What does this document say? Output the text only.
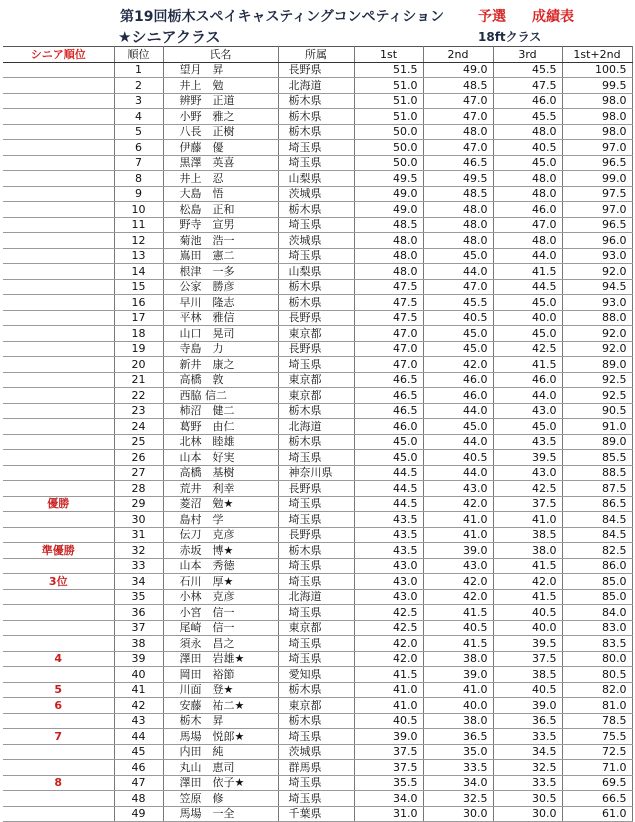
第19回栃木スペイキャスティングコンペティション 予選 成績表
★シニアクラス	18ftクラス
シニア順位	順位	氏名	所属	1st	2nd	3rd	1st+2nd
	1	望月　昇	長野県	51.5	49.0	45.5	100.5
	2	井上　勉	北海道	51.0	48.5	47.5	99.5
	3	辨野　正道	栃木県	51.0	47.0	46.0	98.0
	4	小野　雅之	栃木県	51.0	47.0	45.5	98.0
	5	八長　正樹	栃木県	50.0	48.0	48.0	98.0
	6	伊藤　優	埼玉県	50.0	47.0	40.5	97.0
	7	黒澤　英喜	埼玉県	50.0	46.5	45.0	96.5
	8	井上　忍	山梨県	49.5	49.5	48.0	99.0
	9	大島　悟	茨城県	49.0	48.5	48.0	97.5
	10	松島　正和	栃木県	49.0	48.0	46.0	97.0
	11	野寺　宣男	埼玉県	48.5	48.0	47.0	96.5
	12	菊池　浩一	茨城県	48.0	48.0	48.0	96.0
	13	嶌田　憲二	埼玉県	48.0	45.0	44.0	93.0
	14	根津　一多	山梨県	48.0	44.0	41.5	92.0
	15	公家　勝彦	栃木県	47.5	47.0	44.5	94.5
	16	早川　隆志	栃木県	47.5	45.5	45.0	93.0
	17	平林　雅信	長野県	47.5	40.5	40.0	88.0
	18	山口　晃司	東京都	47.0	45.0	45.0	92.0
	19	寺島　力	長野県	47.0	45.0	42.5	92.0
	20	新井　康之	埼玉県	47.0	42.0	41.5	89.0
	21	高橋　敦	東京都	46.5	46.0	46.0	92.5
	22	西脇 信二	東京都	46.5	46.0	44.0	92.5
	23	柿沼　健二	栃木県	46.5	44.0	43.0	90.5
	24	葛野　由仁	北海道	46.0	45.0	45.0	91.0
	25	北林　睦雄	栃木県	45.0	44.0	43.5	89.0
	26	山本　好実	埼玉県	45.0	40.5	39.5	85.5
	27	高橋　基樹	神奈川県	44.5	44.0	43.0	88.5
	28	荒井　利幸	長野県	44.5	43.0	42.5	87.5
優勝	29	菱沼　勉★	埼玉県	44.5	42.0	37.5	86.5
	30	島村　学	埼玉県	43.5	41.0	41.0	84.5
	31	伝刀　克彦	長野県	43.5	41.0	38.5	84.5
準優勝	32	赤坂　博★	栃木県	43.5	39.0	38.0	82.5
	33	山本　秀徳	埼玉県	43.0	43.0	41.5	86.0
3位	34	石川　厚★	埼玉県	43.0	42.0	42.0	85.0
	35	小林　克彦	北海道	43.0	42.0	41.5	85.0
	36	小宮　信一	埼玉県	42.5	41.5	40.5	84.0
	37	尾崎　信一	東京都	42.5	40.5	40.0	83.0
	38	須永　昌之	埼玉県	42.0	41.5	39.5	83.5
4	39	澤田　岩雄★	埼玉県	42.0	38.0	37.5	80.0
	40	岡田　裕節	愛知県	41.5	39.0	38.5	80.5
5	41	川面　登★	栃木県	41.0	41.0	40.5	82.0
6	42	安藤　祐二★	東京都	41.0	40.0	39.0	81.0
	43	栃木　昇	栃木県	40.5	38.0	36.5	78.5
7	44	馬場　悦郎★	埼玉県	39.0	36.5	33.5	75.5
	45	内田　純	茨城県	37.5	35.0	34.5	72.5
	46	丸山　恵司	群馬県	37.5	33.5	32.5	71.0
8	47	澤田　依子★	埼玉県	35.5	34.0	33.5	69.5
	48	笠原　修	埼玉県	34.0	32.5	30.5	66.5
	49	馬場　一全	千葉県	31.0	30.0	30.0	61.0
